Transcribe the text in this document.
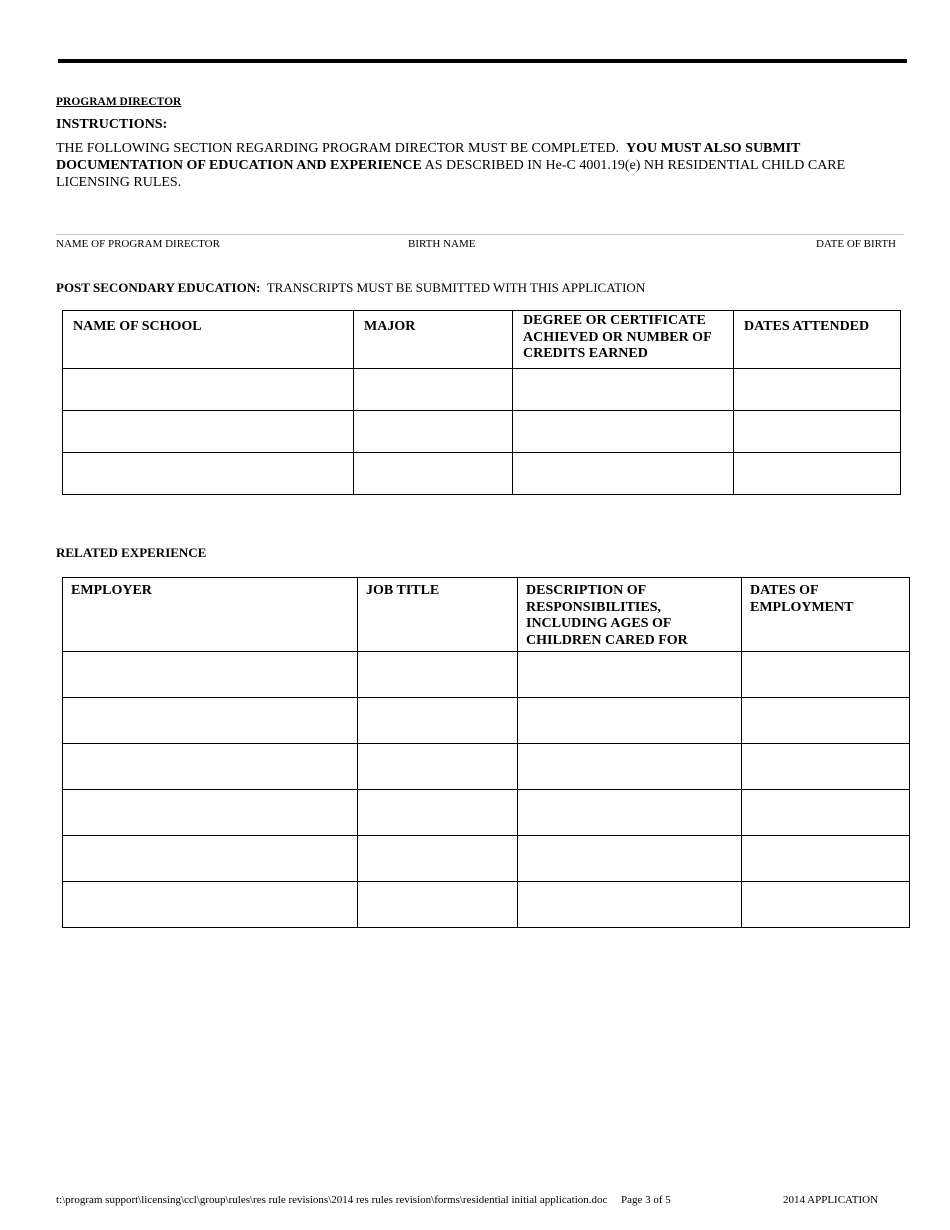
PROGRAM DIRECTOR
INSTRUCTIONS:
THE FOLLOWING SECTION REGARDING PROGRAM DIRECTOR MUST BE COMPLETED. YOU MUST ALSO SUBMIT DOCUMENTATION OF EDUCATION AND EXPERIENCE AS DESCRIBED IN He-C 4001.19(e) NH RESIDENTIAL CHILD CARE LICENSING RULES.
NAME OF PROGRAM DIRECTOR	BIRTH NAME	DATE OF BIRTH
POST SECONDARY EDUCATION: TRANSCRIPTS MUST BE SUBMITTED WITH THIS APPLICATION
NAME OF SCHOOL	MAJOR	DEGREE OR CERTIFICATE ACHIEVED OR NUMBER OF CREDITS EARNED	DATES ATTENDED

RELATED EXPERIENCE
EMPLOYER	JOB TITLE	DESCRIPTION OF RESPONSIBILITIES, INCLUDING AGES OF CHILDREN CARED FOR	DATES OF EMPLOYMENT

t:\program support\licensing\ccl\group\rules\res rule revisions\2014 res rules revision\forms\residential initial application.doc Page 3 of 5	2014 APPLICATION
